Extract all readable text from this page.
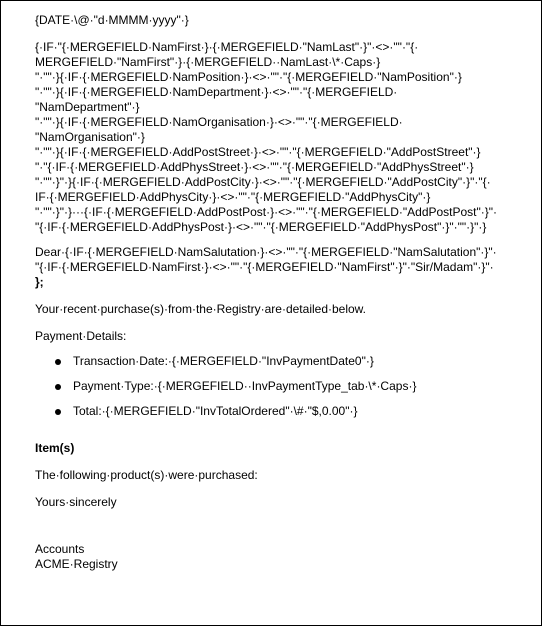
{DATE·\@·"d·MMMM·yyyy"·}

{·IF·"{·MERGEFIELD·NamFirst·}·{·MERGEFIELD·"NamLast"·}"·<>·""·"{·
MERGEFIELD·"NamFirst"·}·{·MERGEFIELD··NamLast·\*·Caps·}
"·""·}{·IF·{·MERGEFIELD·NamPosition·}·<>·""·"{·MERGEFIELD·"NamPosition"·}
"·""·}{·IF·{·MERGEFIELD·NamDepartment·}·<>·""·"{·MERGEFIELD·
"NamDepartment"·}
"·""·}{·IF·{·MERGEFIELD·NamOrganisation·}·<>·""·"{·MERGEFIELD·
"NamOrganisation"·}
"·""·}{·IF·{·MERGEFIELD·AddPostStreet·}·<>·""·"{·MERGEFIELD·"AddPostStreet"·}
"·"{·IF·{·MERGEFIELD·AddPhysStreet·}·<>·""·"{·MERGEFIELD·"AddPhysStreet"·}
"·""·}"·}{·IF·{·MERGEFIELD·AddPostCity·}·<>·""·"{·MERGEFIELD·"AddPostCity"·}"·"{·
IF·{·MERGEFIELD·AddPhysCity·}·<>·""·"{·MERGEFIELD·"AddPhysCity"·}
"·""·}"·}···{·IF·{·MERGEFIELD·AddPostPost·}·<>·""·"{·MERGEFIELD·"AddPostPost"·}"·
"{·IF·{·MERGEFIELD·AddPhysPost·}·<>·""·"{·MERGEFIELD·"AddPhysPost"·}"·""·}"·}
Dear·{·IF·{·MERGEFIELD·NamSalutation·}·<>·""·"{·MERGEFIELD·"NamSalutation"·}"·
"{·IF·{·MERGEFIELD·NamFirst·}·<>·""·"{·MERGEFIELD·"NamFirst"·}"·"Sir/Madam"·}"·
};

Your·recent·purchase(s)·from·the·Registry·are·detailed·below.

Payment·Details:

Transaction·Date:·{·MERGEFIELD·"InvPaymentDate0"·}
Payment·Type:·{·MERGEFIELD··InvPaymentType_tab·\*·Caps·}
Total:·{·MERGEFIELD·"InvTotalOrdered"·\#·"$,0.00"·}

Item(s)

The·following·product(s)·were·purchased:

Yours·sincerely

Accounts
ACME·Registry
